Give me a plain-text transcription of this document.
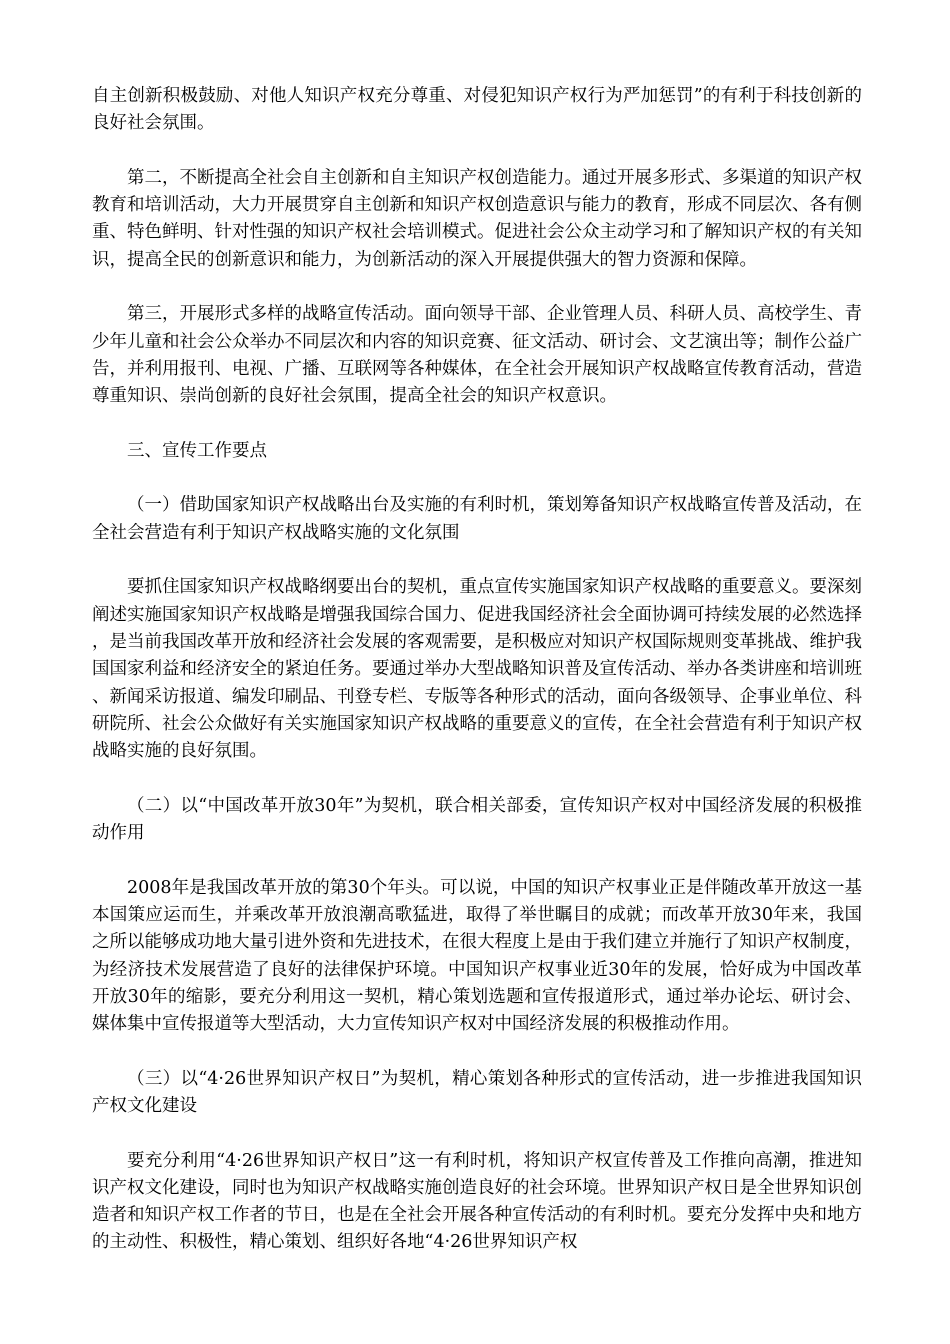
自主创新积极鼓励、对他人知识产权充分尊重、对侵犯知识产权行为严加惩罚”的有利于科技创新的良好社会氛围。

第二，不断提高全社会自主创新和自主知识产权创造能力。通过开展多形式、多渠道的知识产权教育和培训活动，大力开展贯穿自主创新和知识产权创造意识与能力的教育，形成不同层次、各有侧重、特色鲜明、针对性强的知识产权社会培训模式。促进社会公众主动学习和了解知识产权的有关知识，提高全民的创新意识和能力，为创新活动的深入开展提供强大的智力资源和保障。

第三，开展形式多样的战略宣传活动。面向领导干部、企业管理人员、科研人员、高校学生、青少年儿童和社会公众举办不同层次和内容的知识竞赛、征文活动、研讨会、文艺演出等；制作公益广告，并利用报刊、电视、广播、互联网等各种媒体，在全社会开展知识产权战略宣传教育活动，营造尊重知识、崇尚创新的良好社会氛围，提高全社会的知识产权意识。

三、宣传工作要点

（一）借助国家知识产权战略出台及实施的有利时机，策划筹备知识产权战略宣传普及活动，在全社会营造有利于知识产权战略实施的文化氛围

要抓住国家知识产权战略纲要出台的契机，重点宣传实施国家知识产权战略的重要意义。要深刻阐述实施国家知识产权战略是增强我国综合国力、促进我国经济社会全面协调可持续发展的必然选择，是当前我国改革开放和经济社会发展的客观需要，是积极应对知识产权国际规则变革挑战、维护我国国家利益和经济安全的紧迫任务。要通过举办大型战略知识普及宣传活动、举办各类讲座和培训班、新闻采访报道、编发印刷品、刊登专栏、专版等各种形式的活动，面向各级领导、企事业单位、科研院所、社会公众做好有关实施国家知识产权战略的重要意义的宣传，在全社会营造有利于知识产权战略实施的良好氛围。

（二）以“中国改革开放30年”为契机，联合相关部委，宣传知识产权对中国经济发展的积极推动作用

2008年是我国改革开放的第30个年头。可以说，中国的知识产权事业正是伴随改革开放这一基本国策应运而生，并乘改革开放浪潮高歌猛进，取得了举世瞩目的成就；而改革开放30年来，我国之所以能够成功地大量引进外资和先进技术，在很大程度上是由于我们建立并施行了知识产权制度，为经济技术发展营造了良好的法律保护环境。中国知识产权事业近30年的发展，恰好成为中国改革开放30年的缩影，要充分利用这一契机，精心策划选题和宣传报道形式，通过举办论坛、研讨会、媒体集中宣传报道等大型活动，大力宣传知识产权对中国经济发展的积极推动作用。

（三）以“4·26世界知识产权日”为契机，精心策划各种形式的宣传活动，进一步推进我国知识产权文化建设

要充分利用“4·26世界知识产权日”这一有利时机，将知识产权宣传普及工作推向高潮，推进知识产权文化建设，同时也为知识产权战略实施创造良好的社会环境。世界知识产权日是全世界知识创造者和知识产权工作者的节日，也是在全社会开展各种宣传活动的有利时机。要充分发挥中央和地方的主动性、积极性，精心策划、组织好各地“4·26世界知识产权
